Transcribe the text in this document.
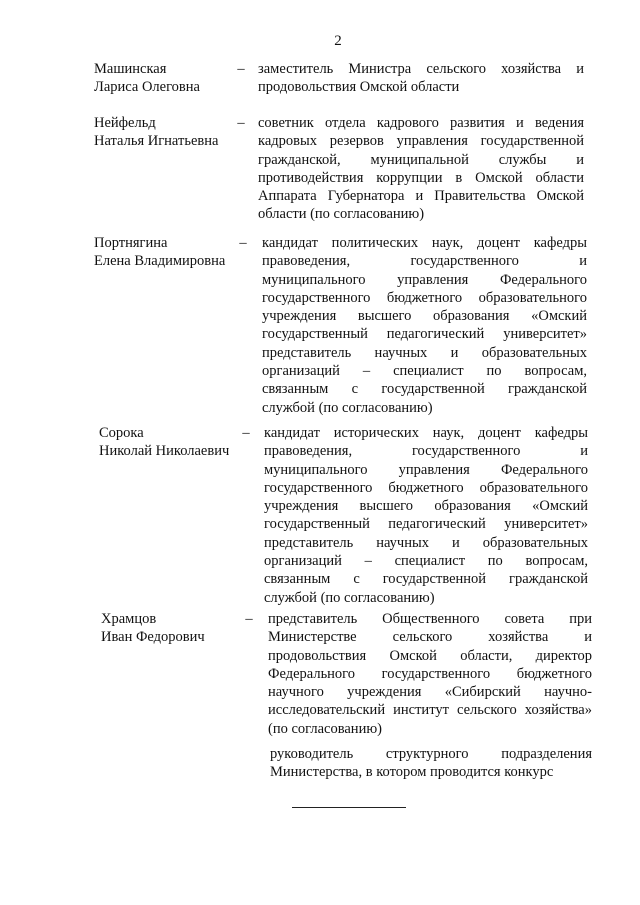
2
Машинская
Лариса Олеговна
– заместитель Министра сельского хозяйства и
продовольствия Омской области
Нейфельд
Наталья Игнатьевна
– советник отдела кадрового развития и ведения
кадровых резервов управления государственной
гражданской, муниципальной службы и
противодействия коррупции в Омской области
Аппарата Губернатора и Правительства Омской
области (по согласованию)
Портнягина
Елена Владимировна
– кандидат политических наук, доцент кафедры
правоведения, государственного и
муниципального управления Федерального
государственного бюджетного образовательного
учреждения высшего образования «Омский
государственный педагогический университет»
представитель научных и образовательных
организаций – специалист по вопросам,
связанным с государственной гражданской
службой (по согласованию)
Сорока
Николай Николаевич
– кандидат исторических наук, доцент кафедры
правоведения, государственного и
муниципального управления Федерального
государственного бюджетного образовательного
учреждения высшего образования «Омский
государственный педагогический университет»
представитель научных и образовательных
организаций – специалист по вопросам,
связанным с государственной гражданской
службой (по согласованию)
Храмцов
Иван Федорович
– представитель Общественного совета при
Министерстве сельского хозяйства и
продовольствия Омской области, директор
Федерального государственного бюджетного
научного учреждения «Сибирский научно-
исследовательский институт сельского хозяйства»
(по согласованию)
руководитель структурного подразделения
Министерства, в котором проводится конкурс
